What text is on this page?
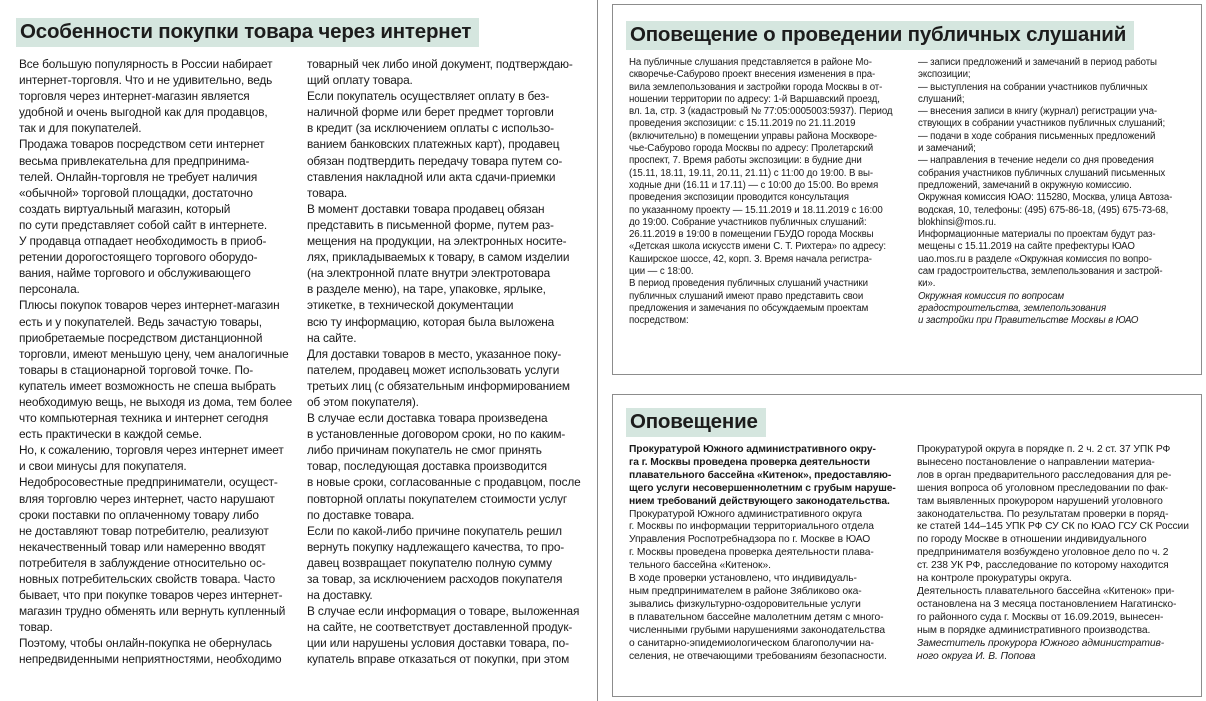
Особенности покупки товара через интернет

Все большую популярность в России набирает

интернет-торговля. Что и не удивительно, ведь

торговля через интернет-магазин является

удобной и очень выгодной как для продавцов,

так и для покупателей.

Продажа товаров посредством сети интернет

весьма привлекательна для предпринима-

телей. Онлайн-торговля не требует наличия

«обычной» торговой площадки, достаточно

создать виртуальный магазин, который

по сути представляет собой сайт в интернете.

У продавца отпадает необходимость в приоб-

ретении дорогостоящего торгового оборудо-

вания, найме торгового и обслуживающего

персонала.

Плюсы покупок товаров через интернет-магазин

есть и у покупателей. Ведь зачастую товары,

приобретаемые посредством дистанционной

торговли, имеют меньшую цену, чем аналогичные

товары в стационарной торговой точке. По-

купатель имеет возможность не спеша выбрать

необходимую вещь, не выходя из дома, тем более

что компьютерная техника и интернет сегодня

есть практически в каждой семье.

Но, к сожалению, торговля через интернет имеет

и свои минусы для покупателя.

Недобросовестные предприниматели, осущест-

вляя торговлю через интернет, часто нарушают

сроки поставки по оплаченному товару либо

не доставляют товар потребителю, реализуют

некачественный товар или намеренно вводят

потребителя в заблуждение относительно ос-

новных потребительских свойств товара. Часто

бывает, что при покупке товаров через интернет-

магазин трудно обменять или вернуть купленный

товар.

Поэтому, чтобы онлайн-покупка не обернулась

непредвиденными неприятностями, необходимо

товарный чек либо иной документ, подтверждаю-

щий оплату товара.

Если покупатель осуществляет оплату в без-

наличной форме или берет предмет торговли

в кредит (за исключением оплаты с использо-

ванием банковских платежных карт), продавец

обязан подтвердить передачу товара путем со-

ставления накладной или акта сдачи-приемки

товара.

В момент доставки товара продавец обязан

представить в письменной форме, путем раз-

мещения на продукции, на электронных носите-

лях, прикладываемых к товару, в самом изделии

(на электронной плате внутри электротовара

в разделе меню), на таре, упаковке, ярлыке,

этикетке, в технической документации

всю ту информацию, которая была выложена

на сайте.

Для доставки товаров в место, указанное поку-

пателем, продавец может использовать услуги

третьих лиц (с обязательным информированием

об этом покупателя).

В случае если доставка товара произведена

в установленные договором сроки, но по каким-

либо причинам покупатель не смог принять

товар, последующая доставка производится

в новые сроки, согласованные с продавцом, после

повторной оплаты покупателем стоимости услуг

по доставке товара.

Если по какой-либо причине покупатель решил

вернуть покупку надлежащего качества, то про-

давец возвращает покупателю полную сумму

за товар, за исключением расходов покупателя

на доставку.

В случае если информация о товаре, выложенная

на сайте, не соответствует доставленной продук-

ции или нарушены условия доставки товара, по-

купатель вправе отказаться от покупки, при этом

Оповещение о проведении публичных слушаний

На публичные слушания представляется в районе Мо-

скворечье-Сабурово проект внесения изменения в пра-

вила землепользования и застройки города Москвы в от-

ношении территории по адресу: 1-й Варшавский проезд,

вл. 1а, стр. 3 (кадастровый № 77:05:0005003:5937). Период

проведения экспозиции: с 15.11.2019 по 21.11.2019

(включительно) в помещении управы района Москворе-

чье-Сабурово города Москвы по адресу: Пролетарский

проспект, 7. Время работы экспозиции: в будние дни

(15.11, 18.11, 19.11, 20.11, 21.11) с 11:00 до 19:00. В вы-

ходные дни (16.11 и 17.11) — с 10:00 до 15:00. Во время

проведения экспозиции проводится консультация

по указанному проекту — 15.11.2019 и 18.11.2019 с 16:00

до 19:00. Собрание участников публичных слушаний:

26.11.2019 в 19:00 в помещении ГБУДО города Москвы

«Детская школа искусств имени С. Т. Рихтера» по адресу:

Каширское шоссе, 42, корп. 3. Время начала регистра-

ции — с 18:00.

В период проведения публичных слушаний участники

публичных слушаний имеют право представить свои

предложения и замечания по обсуждаемым проектам

посредством:

— записи предложений и замечаний в период работы

экспозиции;

— выступления на собрании участников публичных

слушаний;

— внесения записи в книгу (журнал) регистрации уча-

ствующих в собрании участников публичных слушаний;

— подачи в ходе собрания письменных предложений

и замечаний;

— направления в течение недели со дня проведения

собрания участников публичных слушаний письменных

предложений, замечаний в окружную комиссию.

Окружная комиссия ЮАО: 115280, Москва, улица Автоза-

водская, 10, телефоны: (495) 675-86-18, (495) 675-73-68,

blokhinsi@mos.ru.

Информационные материалы по проектам будут раз-

мещены с 15.11.2019 на сайте префектуры ЮАО

uao.mos.ru в разделе «Окружная комиссия по вопро-

сам градостроительства, землепользования и застрой-

ки».

Окружная комиссия по вопросам

градостроительства, землепользования

и застройки при Правительстве Москвы в ЮАО

Оповещение

Прокуратурой Южного административного окру-

га г. Москвы проведена проверка деятельности

плавательного бассейна «Китенок», предоставляю-

щего услуги несовершеннолетним с грубым наруше-

нием требований действующего законодательства.

Прокуратурой Южного административного округа

г. Москвы по информации территориального отдела

Управления Роспотребнадзора по г. Москве в ЮАО

г. Москвы проведена проверка деятельности плава-

тельного бассейна «Китенок».

В ходе проверки установлено, что индивидуаль-

ным предпринимателем в районе Зябликово ока-

зывались физкультурно-оздоровительные услуги

в плавательном бассейне малолетним детям с много-

численными грубыми нарушениями законодательства

о санитарно-эпидемиологическом благополучии на-

селения, не отвечающими требованиям безопасности.

Прокуратурой округа в порядке п. 2 ч. 2 ст. 37 УПК РФ

вынесено постановление о направлении материа-

лов в орган предварительного расследования для ре-

шения вопроса об уголовном преследовании по фак-

там выявленных прокурором нарушений уголовного

законодательства. По результатам проверки в поряд-

ке статей 144–145 УПК РФ СУ СК по ЮАО ГСУ СК России

по городу Москве в отношении индивидуального

предпринимателя возбуждено уголовное дело по ч. 2

ст. 238 УК РФ, расследование по которому находится

на контроле прокуратуры округа.

Деятельность плавательного бассейна «Китенок» при-

остановлена на 3 месяца постановлением Нагатинско-

го районного суда г. Москвы от 16.09.2019, вынесен-

ным в порядке административного производства.

Заместитель прокурора Южного административ-

ного округа И. В. Попова
